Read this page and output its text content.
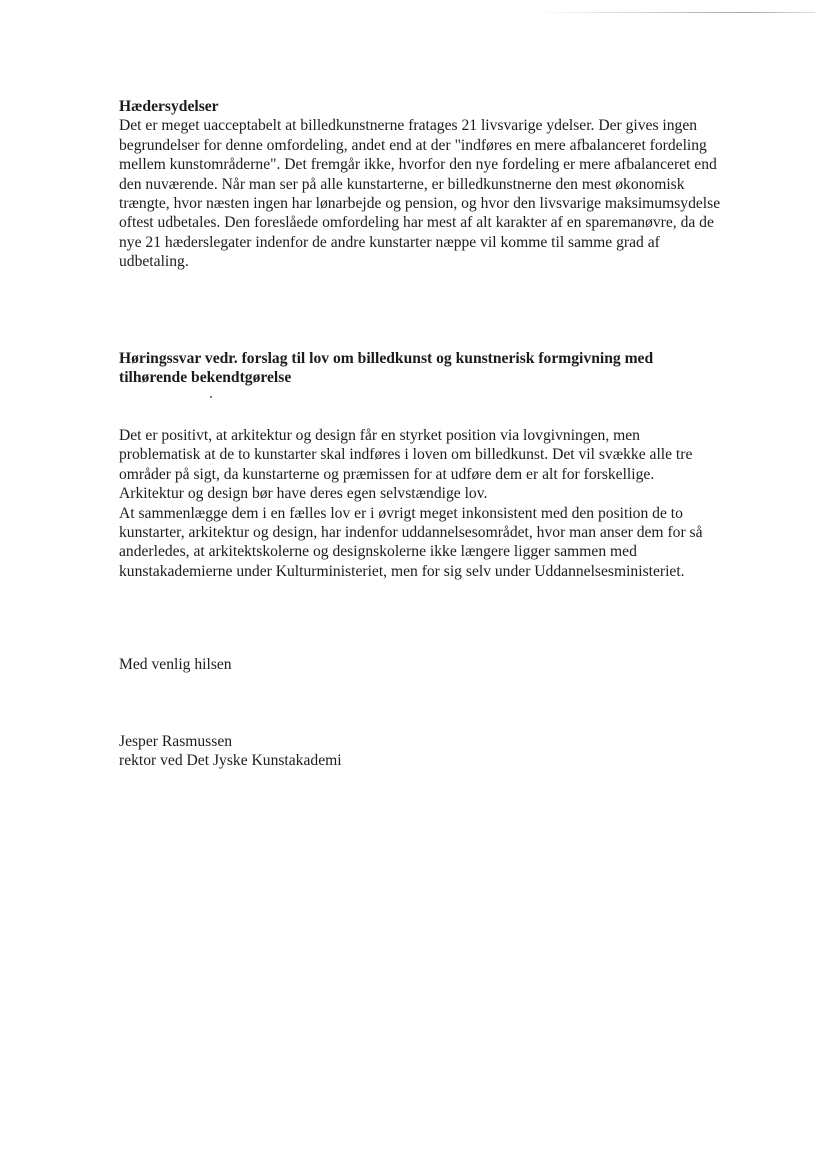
Hædersydelser
Det er meget uacceptabelt at billedkunstnerne fratages 21 livsvarige ydelser. Der gives ingen
begrundelser for denne omfordeling, andet end at der "indføres en mere afbalanceret fordeling
mellem kunstområderne". Det fremgår ikke, hvorfor den nye fordeling er mere afbalanceret end
den nuværende. Når man ser på alle kunstarterne, er billedkunstnerne den mest økonomisk
trængte, hvor næsten ingen har lønarbejde og pension, og hvor den livsvarige maksimumsydelse
oftest udbetales. Den foreslåede omfordeling har mest af alt karakter af en sparemanøvre, da de
nye 21 hæderslegater indenfor de andre kunstarter næppe vil komme til samme grad af
udbetaling.
Høringssvar vedr. forslag til lov om billedkunst og kunstnerisk formgivning med
tilhørende bekendtgørelse
Det er positivt, at arkitektur og design får en styrket position via lovgivningen, men
problematisk at de to kunstarter skal indføres i loven om billedkunst. Det vil svække alle tre
områder på sigt, da kunstarterne og præmissen for at udføre dem er alt for forskellige.
Arkitektur og design bør have deres egen selvstændige lov.
At sammenlægge dem i en fælles lov er i øvrigt meget inkonsistent med den position de to
kunstarter, arkitektur og design, har indenfor uddannelsesområdet, hvor man anser dem for så
anderledes, at arkitektskolerne og designskolerne ikke længere ligger sammen med
kunstakademierne under Kulturministeriet, men for sig selv under Uddannelsesministeriet.
Med venlig hilsen
Jesper Rasmussen
rektor ved Det Jyske Kunstakademi
